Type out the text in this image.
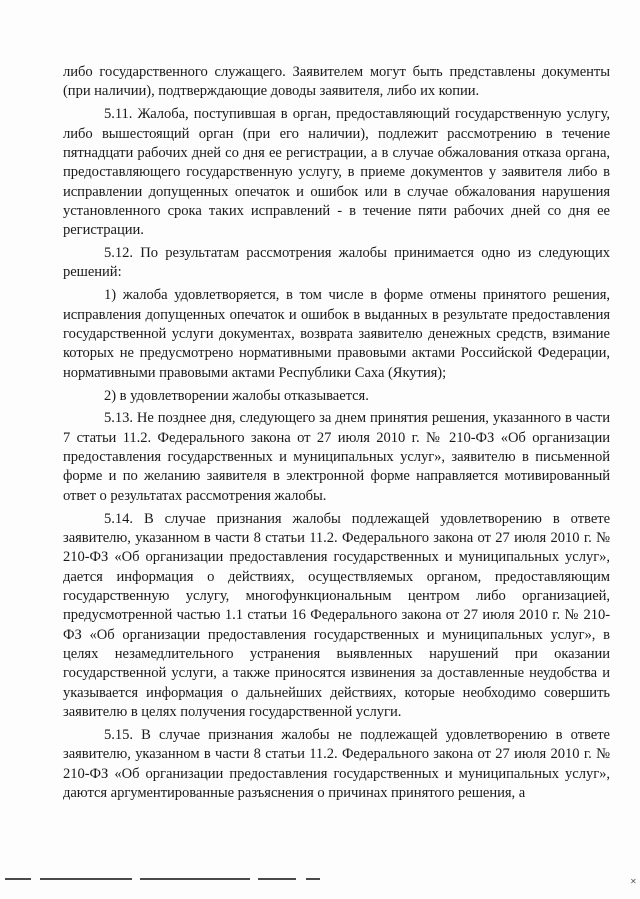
либо государственного служащего. Заявителем могут быть представлены документы (при наличии), подтверждающие доводы заявителя, либо их копии.

5.11. Жалоба, поступившая в орган, предоставляющий государственную услугу, либо вышестоящий орган (при его наличии), подлежит рассмотрению в течение пятнадцати рабочих дней со дня ее регистрации, а в случае обжалования отказа органа, предоставляющего государственную услугу, в приеме документов у заявителя либо в исправлении допущенных опечаток и ошибок или в случае обжалования нарушения установленного срока таких исправлений - в течение пяти рабочих дней со дня ее регистрации.

5.12. По результатам рассмотрения жалобы принимается одно из следующих решений:

1) жалоба удовлетворяется, в том числе в форме отмены принятого решения, исправления допущенных опечаток и ошибок в выданных в результате предоставления государственной услуги документах, возврата заявителю денежных средств, взимание которых не предусмотрено нормативными правовыми актами Российской Федерации, нормативными правовыми актами Республики Саха (Якутия);

2) в удовлетворении жалобы отказывается.

5.13. Не позднее дня, следующего за днем принятия решения, указанного в части 7 статьи 11.2. Федерального закона от 27 июля 2010 г. № 210-ФЗ «Об организации предоставления государственных и муниципальных услуг», заявителю в письменной форме и по желанию заявителя в электронной форме направляется мотивированный ответ о результатах рассмотрения жалобы.

5.14. В случае признания жалобы подлежащей удовлетворению в ответе заявителю, указанном в части 8 статьи 11.2. Федерального закона от 27 июля 2010 г. № 210-ФЗ «Об организации предоставления государственных и муниципальных услуг», дается информация о действиях, осуществляемых органом, предоставляющим государственную услугу, многофункциональным центром либо организацией, предусмотренной частью 1.1 статьи 16 Федерального закона от 27 июля 2010 г. № 210-ФЗ «Об организации предоставления государственных и муниципальных услуг», в целях незамедлительного устранения выявленных нарушений при оказании государственной услуги, а также приносятся извинения за доставленные неудобства и указывается информация о дальнейших действиях, которые необходимо совершить заявителю в целях получения государственной услуги.

5.15. В случае признания жалобы не подлежащей удовлетворению в ответе заявителю, указанном в части 8 статьи 11.2. Федерального закона от 27 июля 2010 г. № 210-ФЗ «Об организации предоставления государственных и муниципальных услуг», даются аргументированные разъяснения о причинах принятого решения, а

✕
